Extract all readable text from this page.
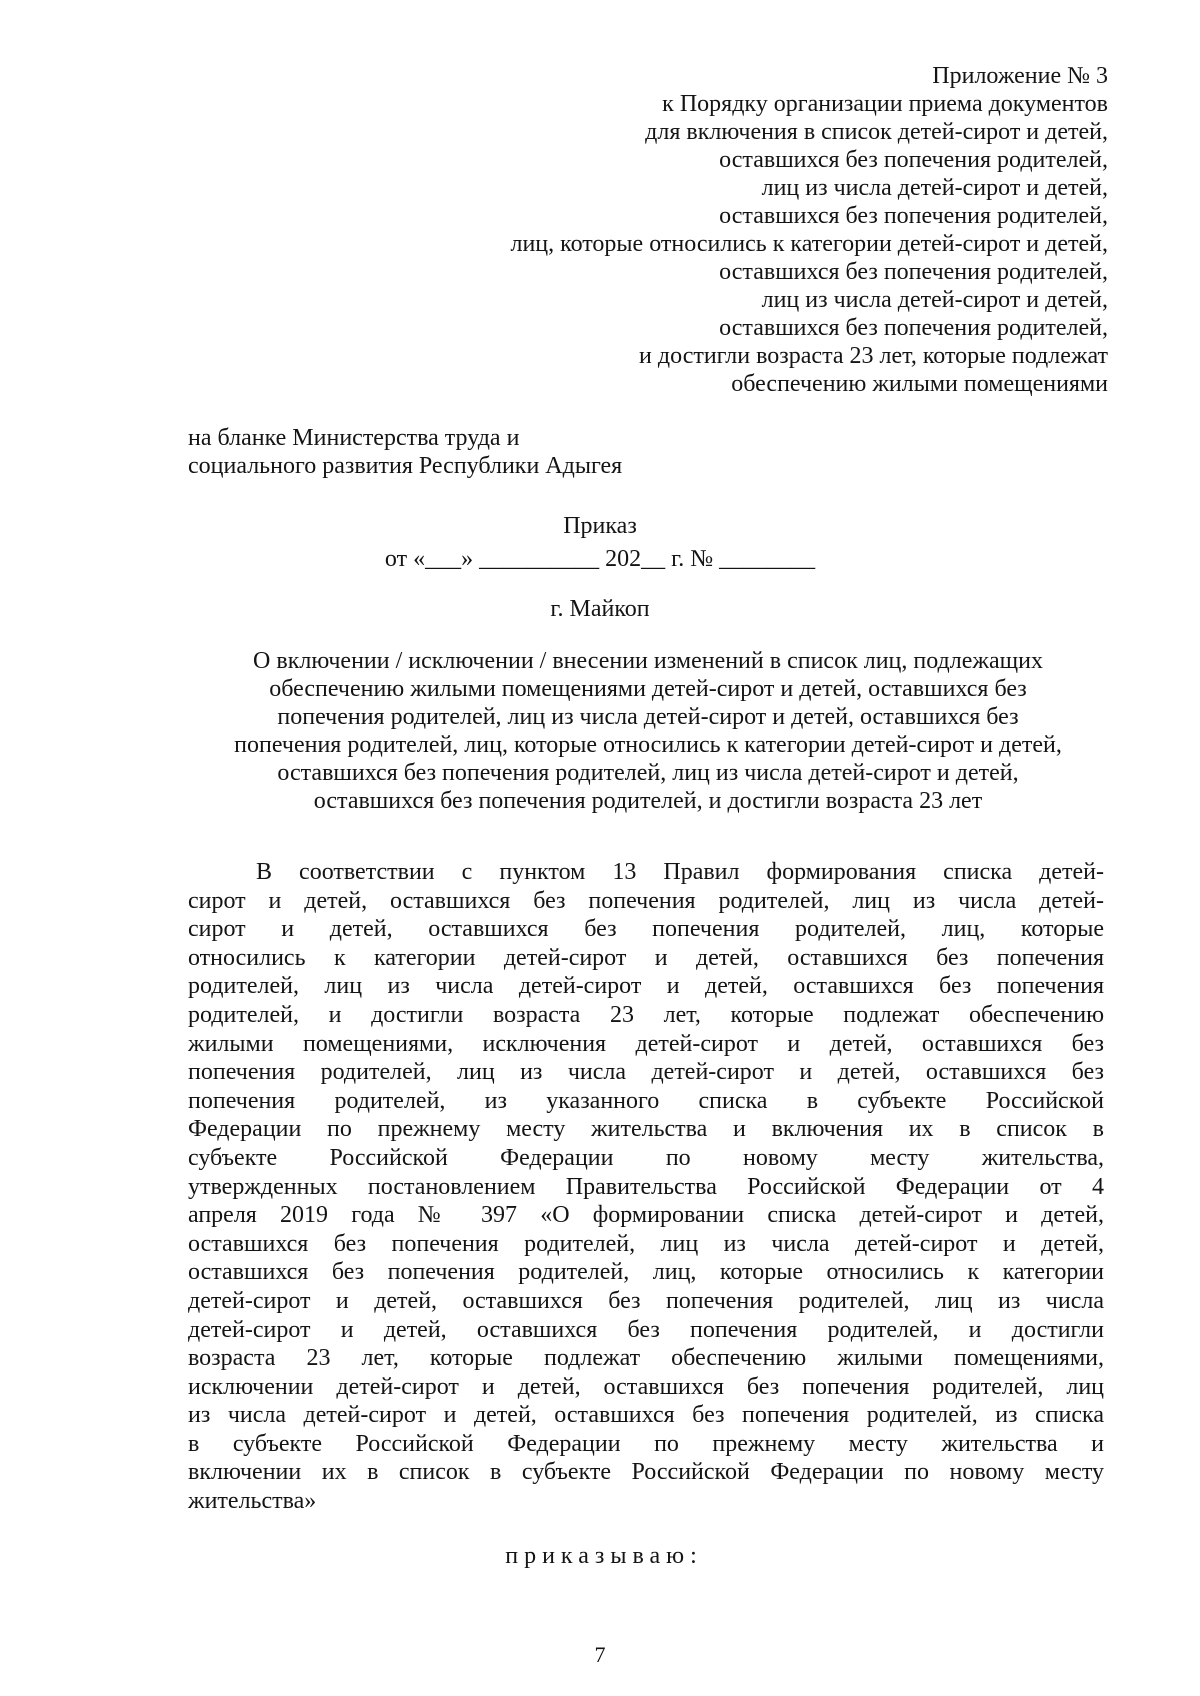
Приложение № 3
к Порядку организации приема документов
для включения в список детей-сирот и детей,
оставшихся без попечения родителей,
лиц из числа детей-сирот и детей,
оставшихся без попечения родителей,
лиц, которые относились к категории детей-сирот и детей,
оставшихся без попечения родителей,
лиц из числа детей-сирот и детей,
оставшихся без попечения родителей,
и достигли возраста 23 лет, которые подлежат
обеспечению жилыми помещениями
на бланке Министерства труда и
социального развития Республики Адыгея
Приказ
от «___» __________ 202__ г. № ________
г. Майкоп
О включении / исключении / внесении изменений в список лиц, подлежащих
обеспечению жилыми помещениями детей-сирот и детей, оставшихся без
попечения родителей, лиц из числа детей-сирот и детей, оставшихся без
попечения родителей, лиц, которые относились к категории детей-сирот и детей,
оставшихся без попечения родителей, лиц из числа детей-сирот и детей,
оставшихся без попечения родителей, и достигли возраста 23 лет
В соответствии с пунктом 13 Правил формирования списка детей-
сирот и детей, оставшихся без попечения родителей, лиц из числа детей-
сирот и детей, оставшихся без попечения родителей, лиц, которые
относились к категории детей-сирот и детей, оставшихся без попечения
родителей, лиц из числа детей-сирот и детей, оставшихся без попечения
родителей, и достигли возраста 23 лет, которые подлежат обеспечению
жилыми помещениями, исключения детей-сирот и детей, оставшихся без
попечения родителей, лиц из числа детей-сирот и детей, оставшихся без
попечения родителей, из указанного списка в субъекте Российской
Федерации по прежнему месту жительства и включения их в список в
субъекте Российской Федерации по новому месту жительства,
утвержденных постановлением Правительства Российской Федерации от 4
апреля 2019 года № 397 «О формировании списка детей-сирот и детей,
оставшихся без попечения родителей, лиц из числа детей-сирот и детей,
оставшихся без попечения родителей, лиц, которые относились к категории
детей-сирот и детей, оставшихся без попечения родителей, лиц из числа
детей-сирот и детей, оставшихся без попечения родителей, и достигли
возраста 23 лет, которые подлежат обеспечению жилыми помещениями,
исключении детей-сирот и детей, оставшихся без попечения родителей, лиц
из числа детей-сирот и детей, оставшихся без попечения родителей, из списка
в субъекте Российской Федерации по прежнему месту жительства и
включении их в список в субъекте Российской Федерации по новому месту
жительства»
приказываю:
7
